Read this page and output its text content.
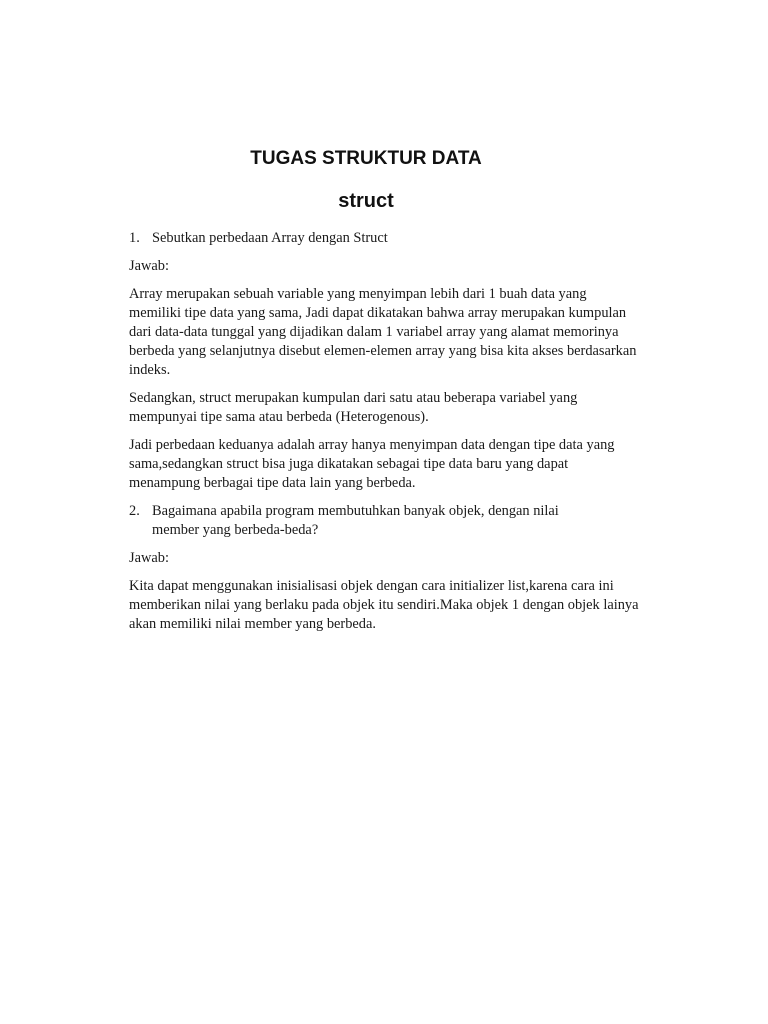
TUGAS STRUKTUR DATA
struct
1. Sebutkan perbedaan Array dengan Struct

Jawab:

Array merupakan sebuah variable yang menyimpan lebih dari 1 buah data yang memiliki tipe data yang sama, Jadi dapat dikatakan bahwa array merupakan kumpulan dari data-data tunggal yang dijadikan dalam 1 variabel array yang alamat memorinya berbeda yang selanjutnya disebut elemen-elemen array yang bisa kita akses berdasarkan indeks.

Sedangkan, struct merupakan kumpulan dari satu atau beberapa variabel yang mempunyai tipe sama atau berbeda (Heterogenous).

Jadi perbedaan keduanya adalah array hanya menyimpan data dengan tipe data yang sama,sedangkan struct bisa juga dikatakan sebagai tipe data baru yang dapat menampung berbagai tipe data lain yang berbeda.

2. Bagaimana apabila program membutuhkan banyak objek, dengan nilai member yang berbeda-beda?

Jawab:

Kita dapat menggunakan inisialisasi objek dengan cara initializer list,karena cara ini memberikan nilai yang berlaku pada objek itu sendiri.Maka objek 1 dengan objek lainya akan memiliki nilai member yang berbeda.
